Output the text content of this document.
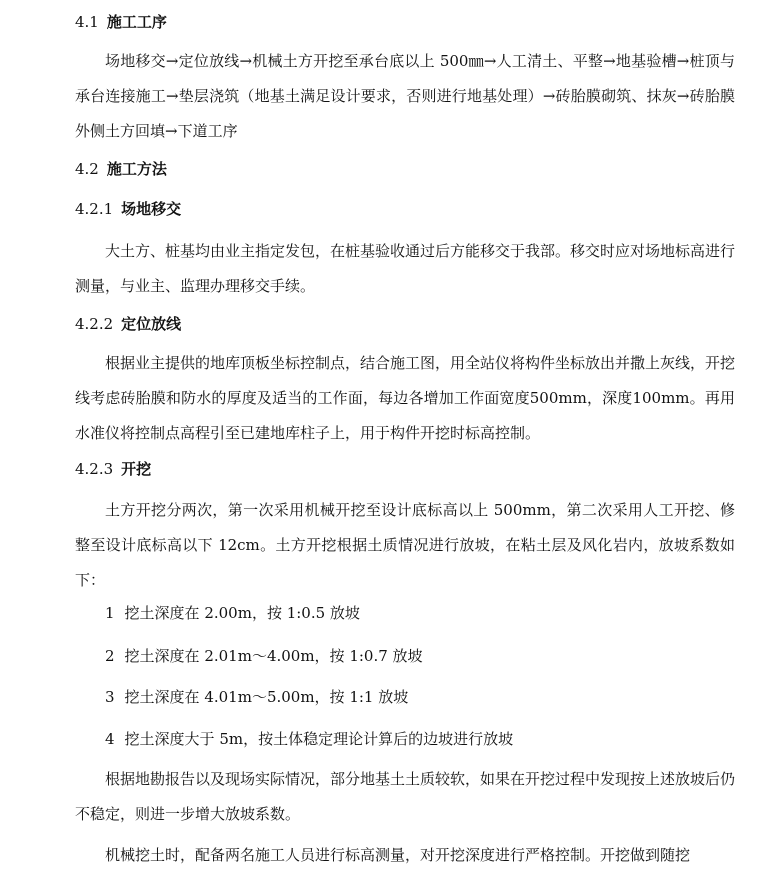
4.1 施工工序
场地移交→定位放线→机械土方开挖至承台底以上 500㎜→人工清土、平整→地基验槽→桩顶与承台连接施工→垫层浇筑（地基土满足设计要求，否则进行地基处理）→砖胎膜砌筑、抹灰→砖胎膜外侧土方回填→下道工序
4.2 施工方法
4.2.1 场地移交
大土方、桩基均由业主指定发包，在桩基验收通过后方能移交于我部。移交时应对场地标高进行测量，与业主、监理办理移交手续。
4.2.2 定位放线
根据业主提供的地库顶板坐标控制点，结合施工图，用全站仪将构件坐标放出并撒上灰线，开挖线考虑砖胎膜和防水的厚度及适当的工作面，每边各增加工作面宽度500mm，深度100mm。再用水准仪将控制点高程引至已建地库柱子上，用于构件开挖时标高控制。
4.2.3 开挖
土方开挖分两次，第一次采用机械开挖至设计底标高以上 500mm，第二次采用人工开挖、修整至设计底标高以下 12cm。土方开挖根据土质情况进行放坡，在粘土层及风化岩内，放坡系数如下：
1 挖土深度在 2.00m，按 1:0.5 放坡
2 挖土深度在 2.01m～4.00m，按 1:0.7 放坡
3 挖土深度在 4.01m～5.00m，按 1:1 放坡
4 挖土深度大于 5m，按土体稳定理论计算后的边坡进行放坡
根据地勘报告以及现场实际情况，部分地基土土质较软，如果在开挖过程中发现按上述放坡后仍不稳定，则进一步增大放坡系数。
机械挖土时，配备两名施工人员进行标高测量，对开挖深度进行严格控制。开挖做到随挖
